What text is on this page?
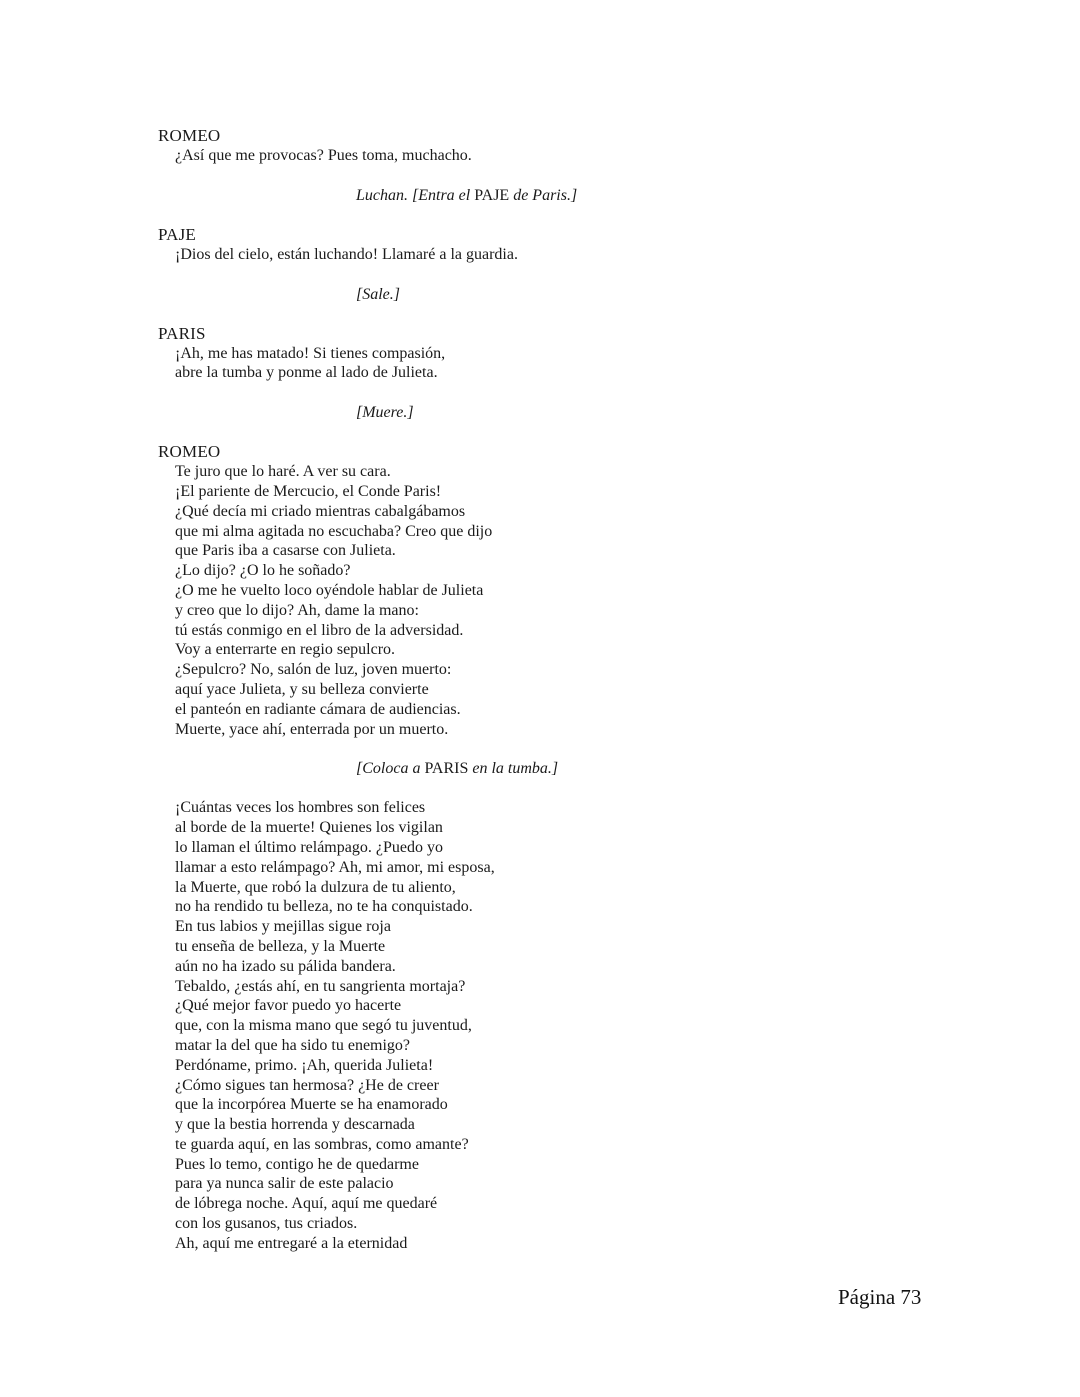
ROMEO
¿Así que me provocas? Pues toma, muchacho.
Luchan. [Entra el PAJE de Paris.]
PAJE
¡Dios del cielo, están luchando! Llamaré a la guardia.
[Sale.]
PARIS
¡Ah, me has matado! Si tienes compasión,
abre la tumba y ponme al lado de Julieta.
[Muere.]
ROMEO
Te juro que lo haré. A ver su cara.
¡El pariente de Mercucio, el Conde Paris!
¿Qué decía mi criado mientras cabalgábamos
que mi alma agitada no escuchaba? Creo que dijo
que Paris iba a casarse con Julieta.
¿Lo dijo? ¿O lo he soñado?
¿O me he vuelto loco oyéndole hablar de Julieta
y creo que lo dijo? Ah, dame la mano:
tú estás conmigo en el libro de la adversidad.
Voy a enterrarte en regio sepulcro.
¿Sepulcro? No, salón de luz, joven muerto:
aquí yace Julieta, y su belleza convierte
el panteón en radiante cámara de audiencias.
Muerte, yace ahí, enterrada por un muerto.
[Coloca a PARIS en la tumba.]
¡Cuántas veces los hombres son felices
al borde de la muerte! Quienes los vigilan
lo llaman el último relámpago. ¿Puedo yo
llamar a esto relámpago? Ah, mi amor, mi esposa,
la Muerte, que robó la dulzura de tu aliento,
no ha rendido tu belleza, no te ha conquistado.
En tus labios y mejillas sigue roja
tu enseña de belleza, y la Muerte
aún no ha izado su pálida bandera.
Tebaldo, ¿estás ahí, en tu sangrienta mortaja?
¿Qué mejor favor puedo yo hacerte
que, con la misma mano que segó tu juventud,
matar la del que ha sido tu enemigo?
Perdóname, primo. ¡Ah, querida Julieta!
¿Cómo sigues tan hermosa? ¿He de creer
que la incorpórea Muerte se ha enamorado
y que la bestia horrenda y descarnada
te guarda aquí, en las sombras, como amante?
Pues lo temo, contigo he de quedarme
para ya nunca salir de este palacio
de lóbrega noche. Aquí, aquí me quedaré
con los gusanos, tus criados.
Ah, aquí me entregaré a la eternidad
Página 73
